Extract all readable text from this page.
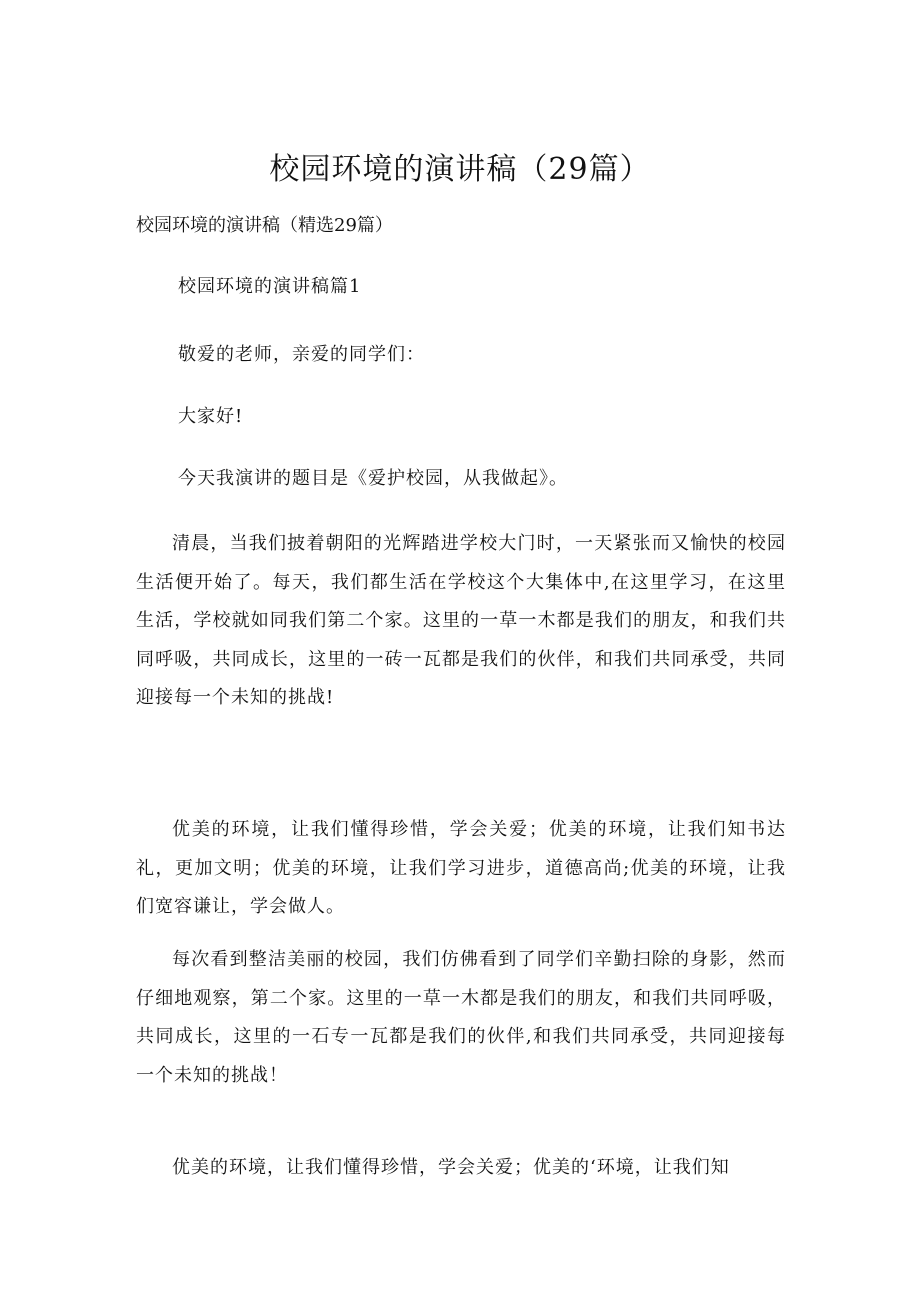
校园环境的演讲稿（29篇）

校园环境的演讲稿（精选29篇）

校园环境的演讲稿篇1

敬爱的老师，亲爱的同学们：

大家好!

今天我演讲的题目是《爱护校园，从我做起》。

清晨，当我们披着朝阳的光辉踏进学校大门时，一天紧张而又愉快的校园生活便开始了。每天，我们都生活在学校这个大集体中,在这里学习，在这里生活，学校就如同我们第二个家。这里的一草一木都是我们的朋友，和我们共同呼吸，共同成长，这里的一砖一瓦都是我们的伙伴，和我们共同承受，共同迎接每一个未知的挑战!

优美的环境，让我们懂得珍惜，学会关爱；优美的环境，让我们知书达礼，更加文明；优美的环境，让我们学习进步，道德高尚;优美的环境，让我们宽容谦让，学会做人。

每次看到整洁美丽的校园，我们仿佛看到了同学们辛勤扫除的身影，然而仔细地观察，第二个家。这里的一草一木都是我们的朋友，和我们共同呼吸，共同成长，这里的一石专一瓦都是我们的伙伴,和我们共同承受，共同迎接每一个未知的挑战！

优美的环境，让我们懂得珍惜，学会关爱；优美的‘环境，让我们知
